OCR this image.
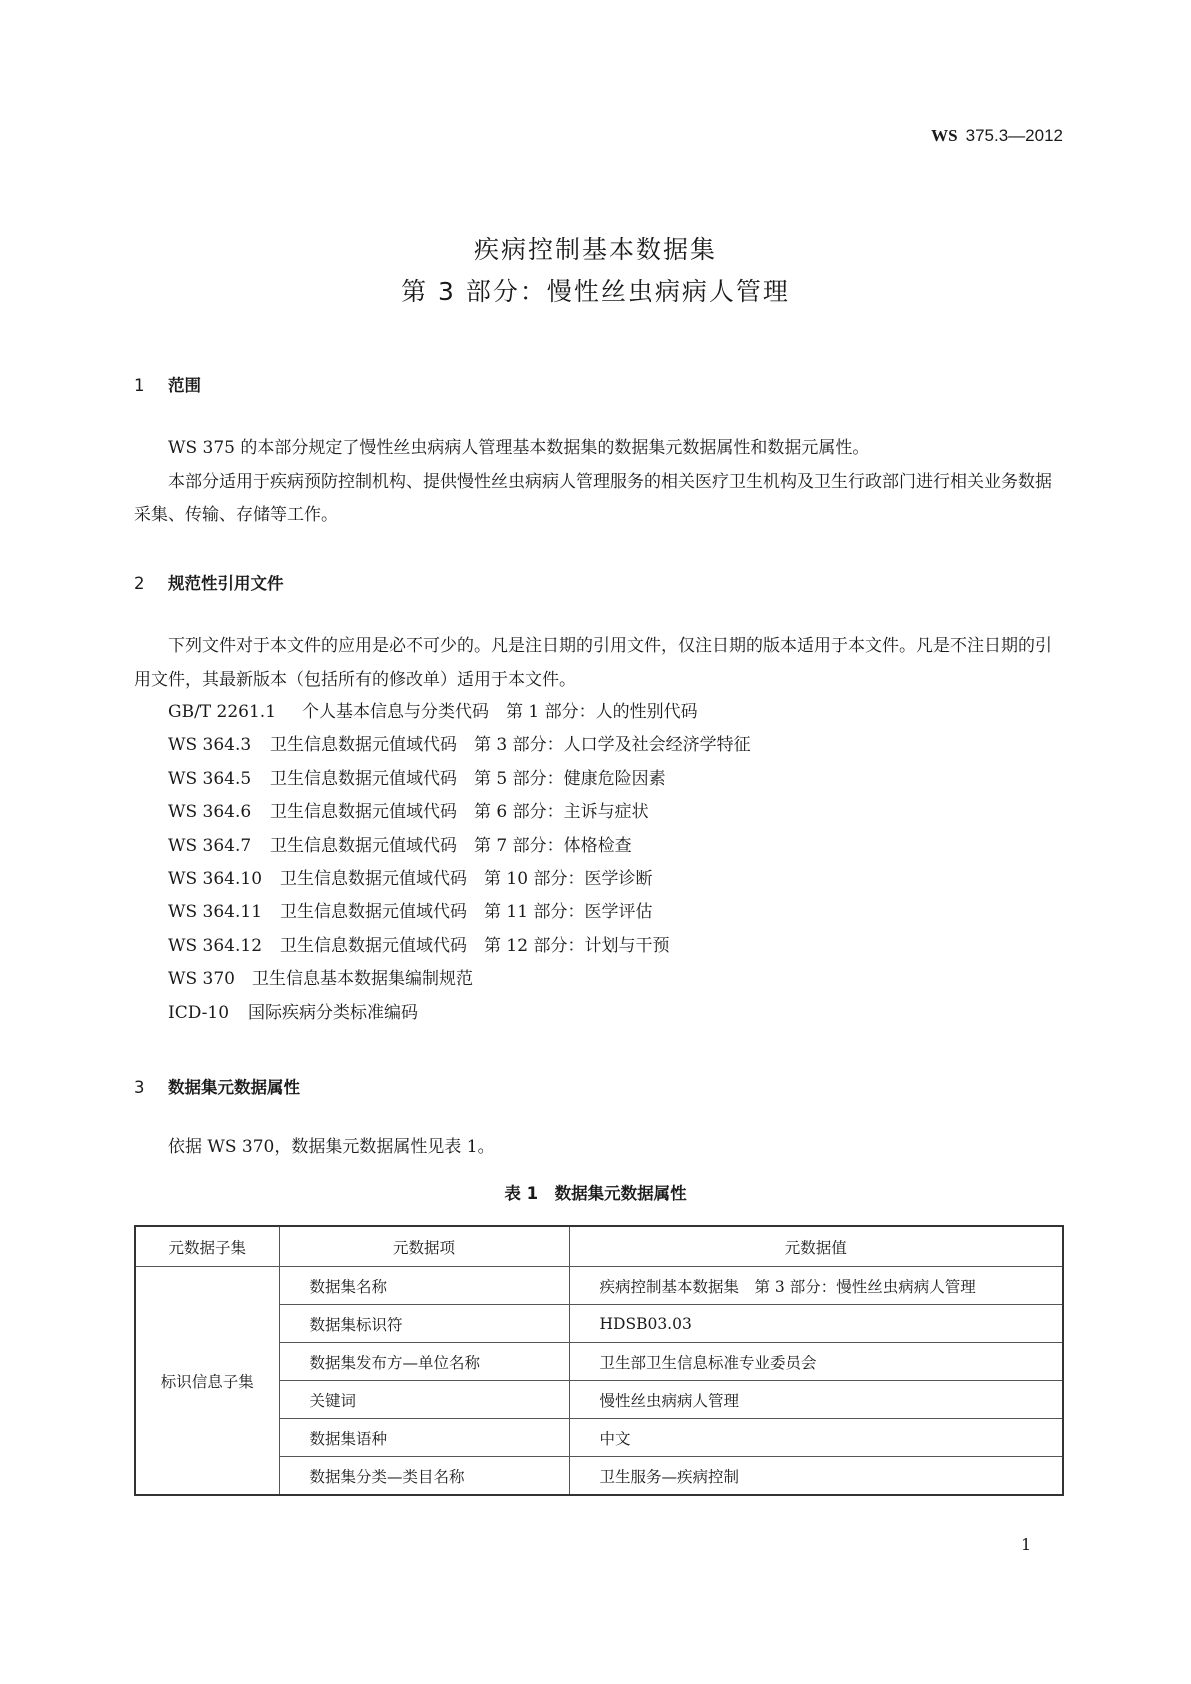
WS 375.3—2012
疾病控制基本数据集
第 3 部分：慢性丝虫病病人管理
1 范围

WS 375 的本部分规定了慢性丝虫病病人管理基本数据集的数据集元数据属性和数据元属性。

本部分适用于疾病预防控制机构、提供慢性丝虫病病人管理服务的相关医疗卫生机构及卫生行政部门进行相关业务数据采集、传输、存储等工作。

2 规范性引用文件

下列文件对于本文件的应用是必不可少的。凡是注日期的引用文件，仅注日期的版本适用于本文件。凡是不注日期的引用文件，其最新版本（包括所有的修改单）适用于本文件。

GB/T 2261.1 个人基本信息与分类代码　第 1 部分：人的性别代码
WS 364.3 卫生信息数据元值域代码　第 3 部分：人口学及社会经济学特征
WS 364.5 卫生信息数据元值域代码　第 5 部分：健康危险因素
WS 364.6 卫生信息数据元值域代码　第 6 部分：主诉与症状
WS 364.7 卫生信息数据元值域代码　第 7 部分：体格检查
WS 364.10 卫生信息数据元值域代码　第 10 部分：医学诊断
WS 364.11 卫生信息数据元值域代码　第 11 部分：医学评估
WS 364.12 卫生信息数据元值域代码　第 12 部分：计划与干预
WS 370 卫生信息基本数据集编制规范
ICD-10 国际疾病分类标准编码
3 数据集元数据属性

依据 WS 370，数据集元数据属性见表 1。

表 1　数据集元数据属性
元数据子集	元数据项	元数据值
标识信息子集	数据集名称	疾病控制基本数据集　第 3 部分：慢性丝虫病病人管理
	数据集标识符	HDSB03.03
	数据集发布方—单位名称	卫生部卫生信息标准专业委员会
	关键词	慢性丝虫病病人管理
	数据集语种	中文
	数据集分类—类目名称	卫生服务—疾病控制
1
